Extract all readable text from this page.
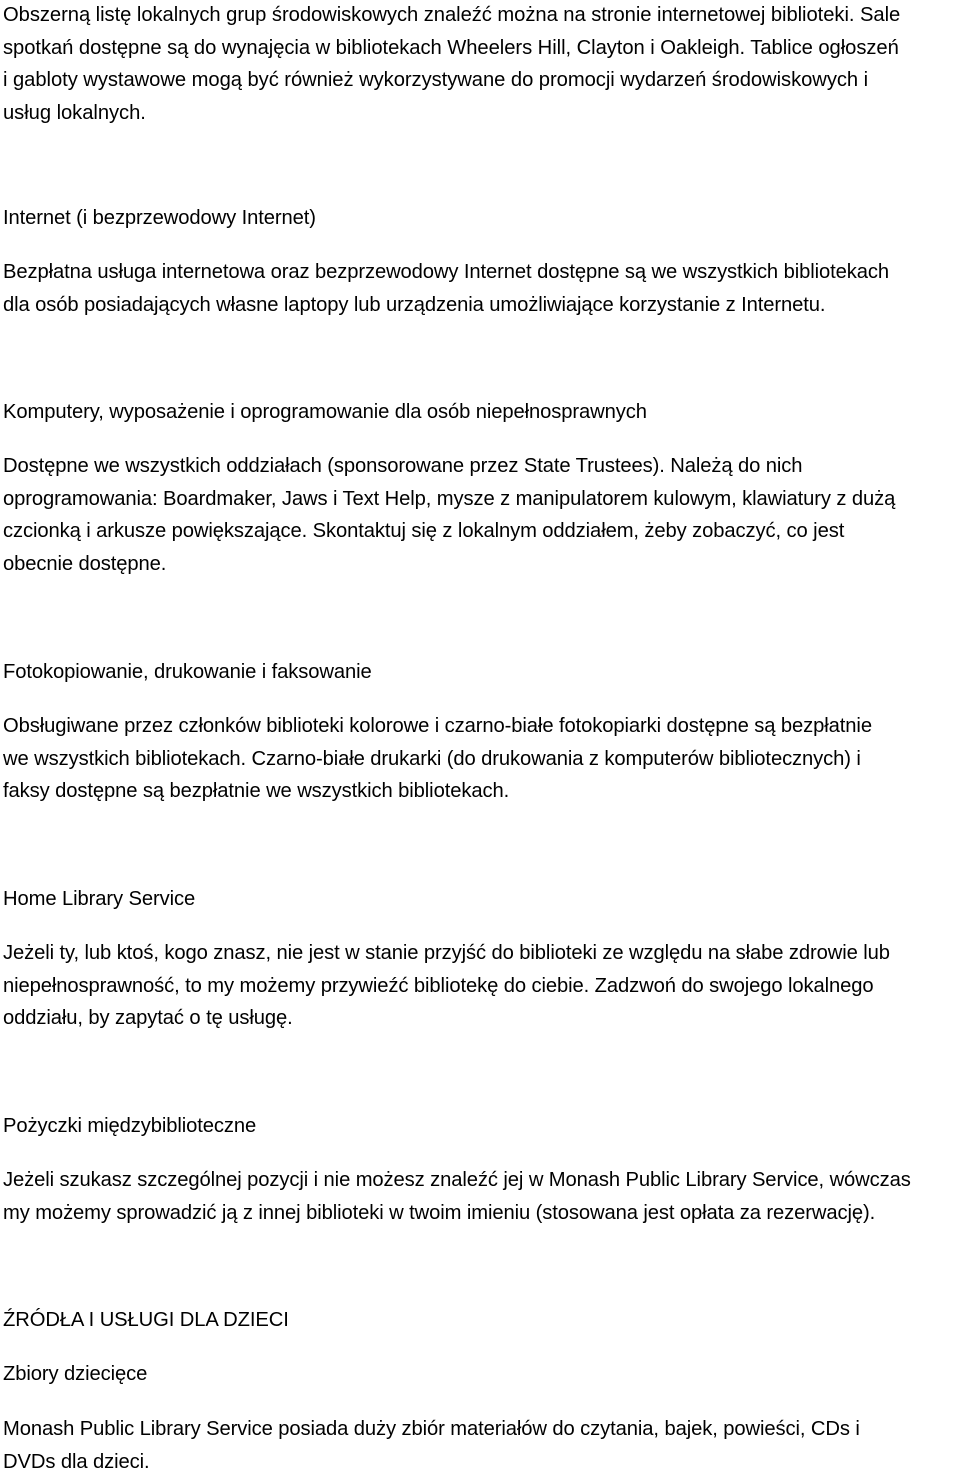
Obszerną listę lokalnych grup środowiskowych znaleźć można na stronie internetowej biblioteki. Sale
spotkań dostępne są do wynajęcia w bibliotekach Wheelers Hill, Clayton i Oakleigh. Tablice ogłoszeń
i gabloty wystawowe mogą być również wykorzystywane do promocji wydarzeń środowiskowych i
usług lokalnych.

Internet (i bezprzewodowy Internet)

Bezpłatna usługa internetowa oraz bezprzewodowy Internet dostępne są we wszystkich bibliotekach
dla osób posiadających własne laptopy lub urządzenia umożliwiające korzystanie z Internetu.

Komputery, wyposażenie i oprogramowanie dla osób niepełnosprawnych

Dostępne we wszystkich oddziałach (sponsorowane przez State Trustees). Należą do nich
oprogramowania: Boardmaker, Jaws i Text Help, mysze z manipulatorem kulowym, klawiatury z dużą
czcionką i arkusze powiększające. Skontaktuj się z lokalnym oddziałem, żeby zobaczyć, co jest
obecnie dostępne.

Fotokopiowanie, drukowanie i faksowanie

Obsługiwane przez członków biblioteki kolorowe i czarno-białe fotokopiarki dostępne są bezpłatnie
we wszystkich bibliotekach. Czarno-białe drukarki (do drukowania z komputerów bibliotecznych) i
faksy dostępne są bezpłatnie we wszystkich bibliotekach.

Home Library Service

Jeżeli ty, lub ktoś, kogo znasz, nie jest w stanie przyjść do biblioteki ze względu na słabe zdrowie lub
niepełnosprawność, to my możemy przywieźć bibliotekę do ciebie. Zadzwoń do swojego lokalnego
oddziału, by zapytać o tę usługę.

Pożyczki międzybiblioteczne

Jeżeli szukasz szczególnej pozycji i nie możesz znaleźć jej w Monash Public Library Service, wówczas
my możemy sprowadzić ją z innej biblioteki w twoim imieniu (stosowana jest opłata za rezerwację).

ŹRÓDŁA I USŁUGI DLA DZIECI

Zbiory dziecięce

Monash Public Library Service posiada duży zbiór materiałów do czytania, bajek, powieści, CDs i
DVDs dla dzieci.
